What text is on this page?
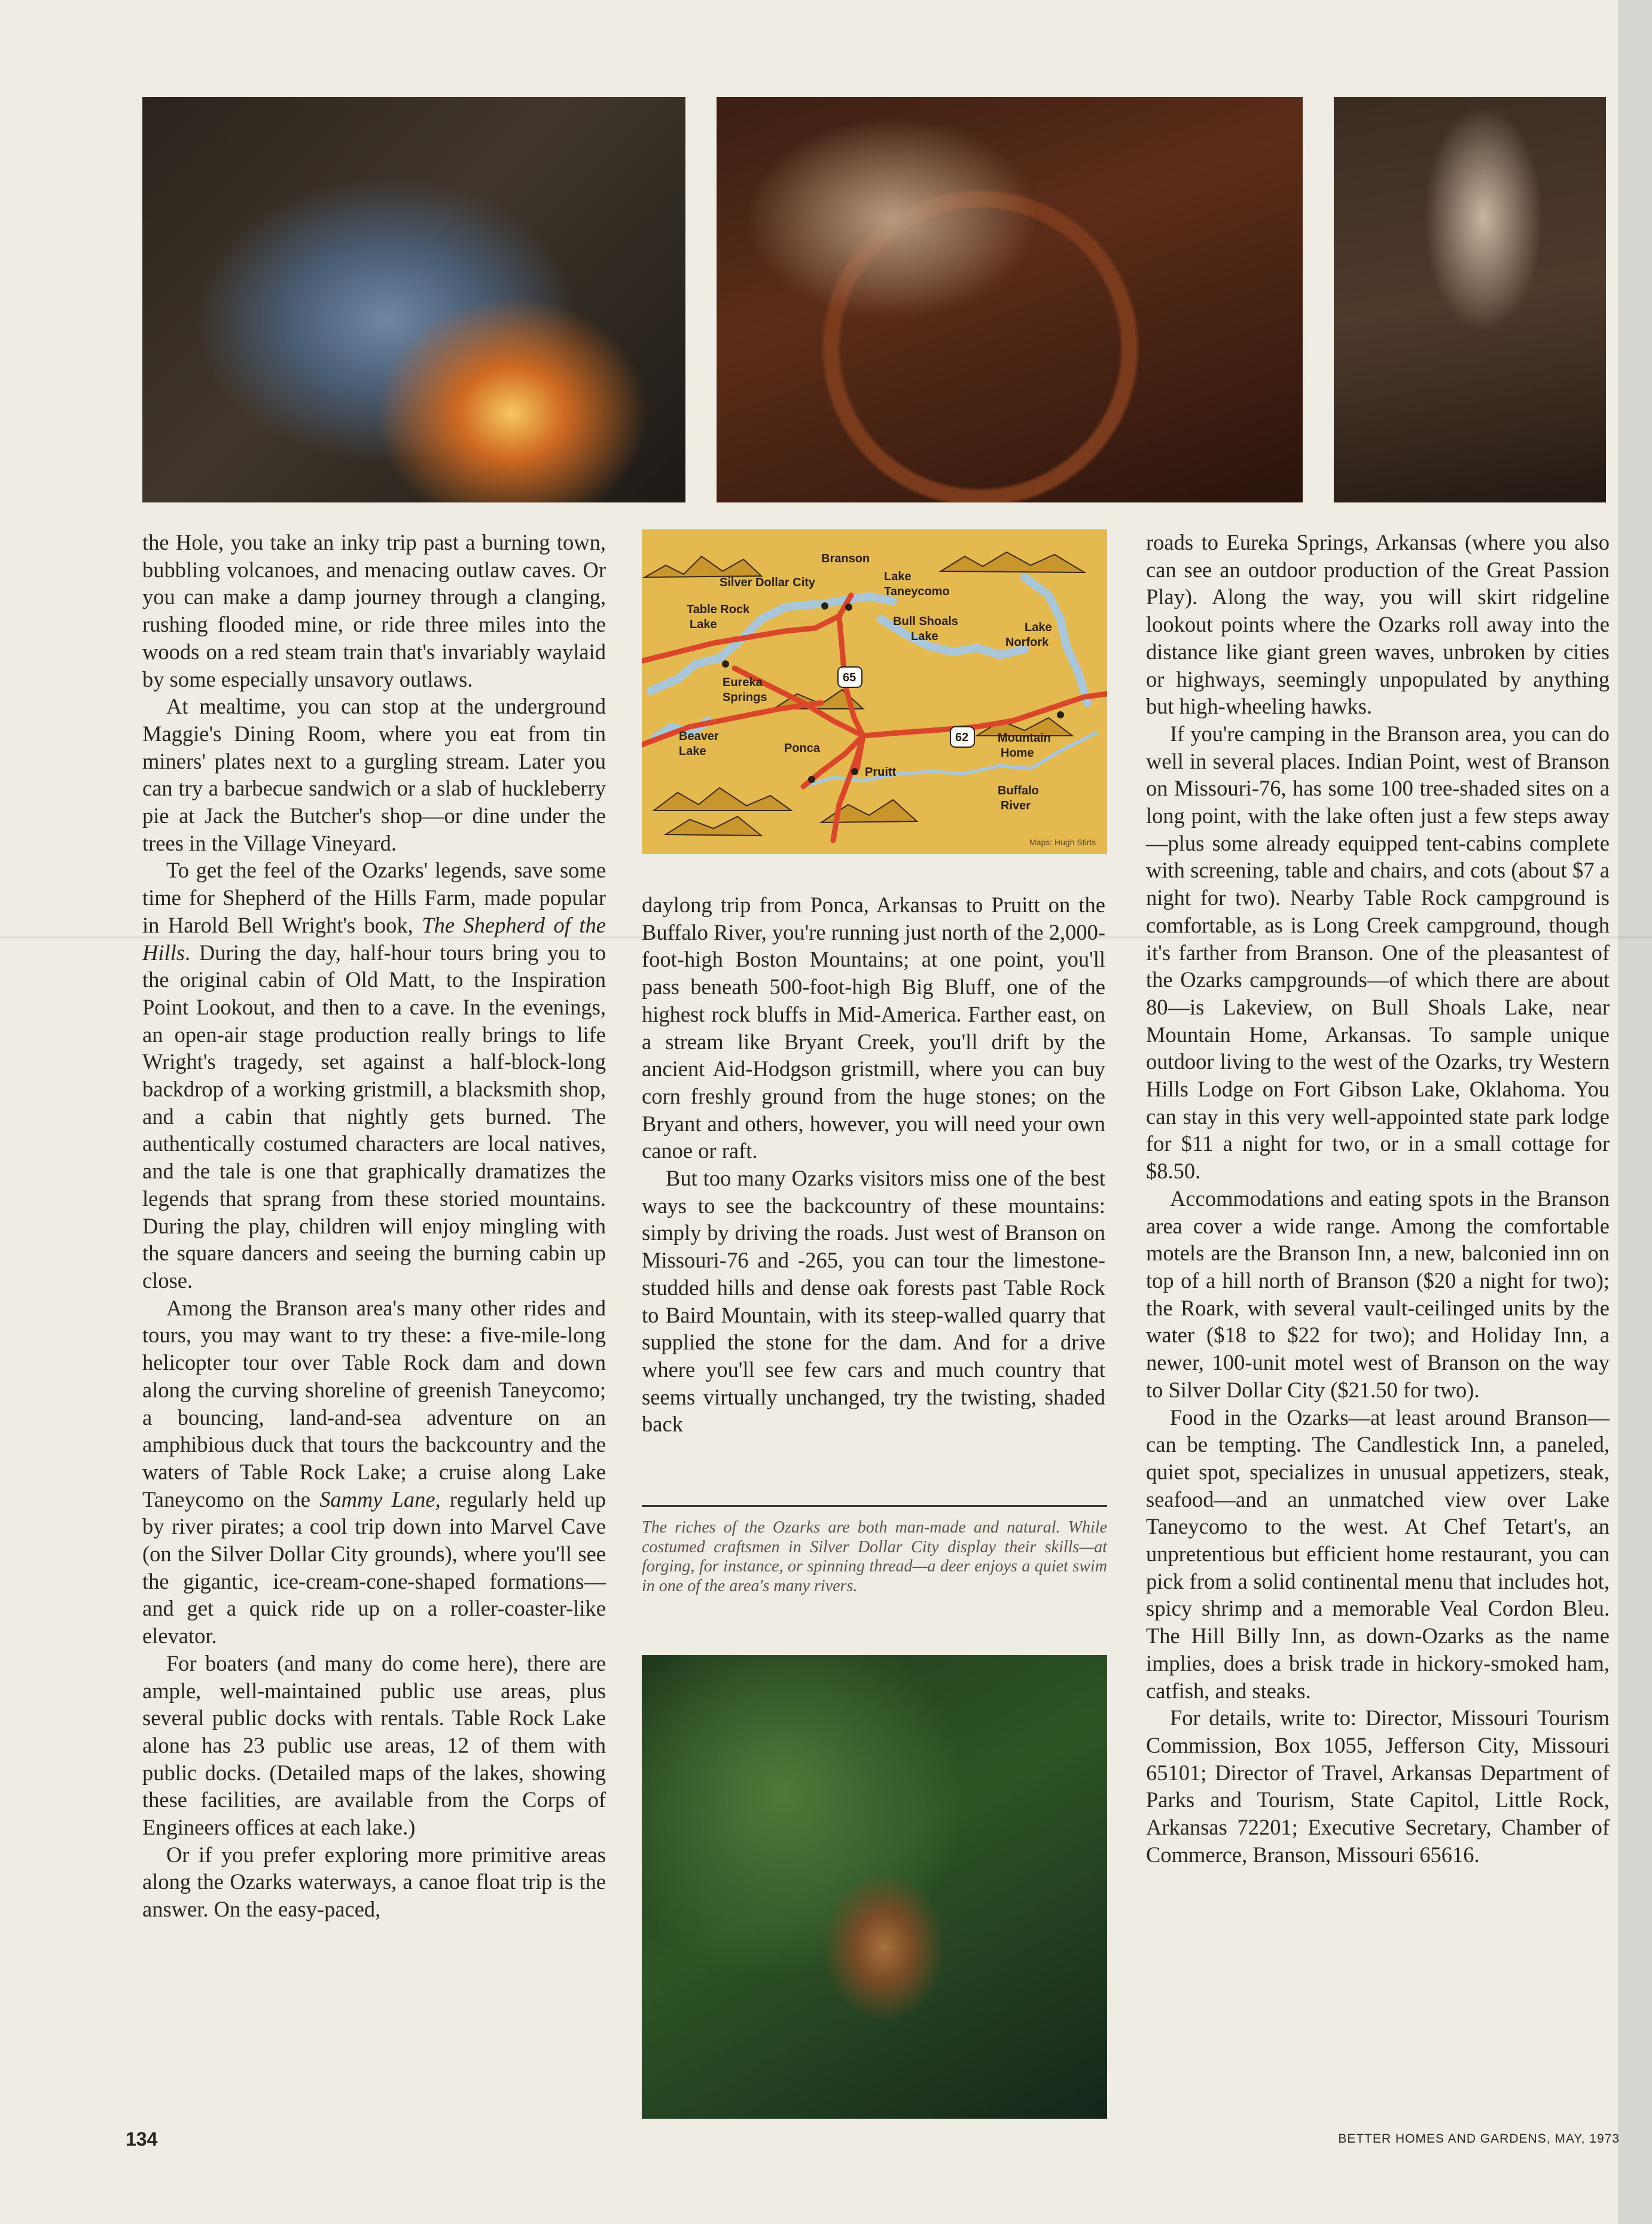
the Hole, you take an inky trip past a burning town, bubbling volcanoes, and menacing outlaw caves. Or you can make a damp journey through a clanging, rushing flooded mine, or ride three miles into the woods on a red steam train that's invariably waylaid by some especially unsavory outlaws.

At mealtime, you can stop at the underground Maggie's Dining Room, where you eat from tin miners' plates next to a gurgling stream. Later you can try a barbecue sandwich or a slab of huckleberry pie at Jack the Butcher's shop—or dine under the trees in the Village Vineyard.

To get the feel of the Ozarks' legends, save some time for Shepherd of the Hills Farm, made popular in Harold Bell Wright's book, The Shepherd of the Hills. During the day, half-hour tours bring you to the original cabin of Old Matt, to the Inspiration Point Lookout, and then to a cave. In the evenings, an open-air stage production really brings to life Wright's tragedy, set against a half-block-long backdrop of a working gristmill, a blacksmith shop, and a cabin that nightly gets burned. The authentically costumed characters are local natives, and the tale is one that graphically dramatizes the legends that sprang from these storied mountains. During the play, children will enjoy mingling with the square dancers and seeing the burning cabin up close.

Among the Branson area's many other rides and tours, you may want to try these: a five-mile-long helicopter tour over Table Rock dam and down along the curving shoreline of greenish Taneycomo; a bouncing, land-and-sea adventure on an amphibious duck that tours the backcountry and the waters of Table Rock Lake; a cruise along Lake Taneycomo on the Sammy Lane, regularly held up by river pirates; a cool trip down into Marvel Cave (on the Silver Dollar City grounds), where you'll see the gigantic, ice-cream-cone-shaped formations—and get a quick ride up on a roller-coaster-like elevator.

For boaters (and many do come here), there are ample, well-maintained public use areas, plus several public docks with rentals. Table Rock Lake alone has 23 public use areas, 12 of them with public docks. (Detailed maps of the lakes, showing these facilities, are available from the Corps of Engineers offices at each lake.)

Or if you prefer exploring more primitive areas along the Ozarks waterways, a canoe float trip is the answer. On the easy-paced,

Branson
Silver Dollar City	Lake
Taneycomo
Table Rock
Lake	Bull Shoals
Lake
Lake
Norfork
Eureka
Springs
65
62
Beaver
Lake	Ponca
Pruitt
Mountain
Home
Buffalo
River
Maps: Hugh Stirts

daylong trip from Ponca, Arkansas to Pruitt on the Buffalo River, you're running just north of the 2,000-foot-high Boston Mountains; at one point, you'll pass beneath 500-foot-high Big Bluff, one of the highest rock bluffs in Mid-America. Farther east, on a stream like Bryant Creek, you'll drift by the ancient Aid-Hodgson gristmill, where you can buy corn freshly ground from the huge stones; on the Bryant and others, however, you will need your own canoe or raft.

But too many Ozarks visitors miss one of the best ways to see the backcountry of these mountains: simply by driving the roads. Just west of Branson on Missouri-76 and -265, you can tour the limestone-studded hills and dense oak forests past Table Rock to Baird Mountain, with its steep-walled quarry that supplied the stone for the dam. And for a drive where you'll see few cars and much country that seems virtually unchanged, try the twisting, shaded back

The riches of the Ozarks are both man-made and natural. While costumed craftsmen in Silver Dollar City display their skills—at forging, for instance, or spinning thread—a deer enjoys a quiet swim in one of the area's many rivers.

roads to Eureka Springs, Arkansas (where you also can see an outdoor production of the Great Passion Play). Along the way, you will skirt ridgeline lookout points where the Ozarks roll away into the distance like giant green waves, unbroken by cities or highways, seemingly unpopulated by anything but high-wheeling hawks.

If you're camping in the Branson area, you can do well in several places. Indian Point, west of Branson on Missouri-76, has some 100 tree-shaded sites on a long point, with the lake often just a few steps away—plus some already equipped tent-cabins complete with screening, table and chairs, and cots (about $7 a night for two). Nearby Table Rock campground is comfortable, as is Long Creek campground, though it's farther from Branson. One of the pleasantest of the Ozarks campgrounds—of which there are about 80—is Lakeview, on Bull Shoals Lake, near Mountain Home, Arkansas. To sample unique outdoor living to the west of the Ozarks, try Western Hills Lodge on Fort Gibson Lake, Oklahoma. You can stay in this very well-appointed state park lodge for $11 a night for two, or in a small cottage for $8.50.

Accommodations and eating spots in the Branson area cover a wide range. Among the comfortable motels are the Branson Inn, a new, balconied inn on top of a hill north of Branson ($20 a night for two); the Roark, with several vault-ceilinged units by the water ($18 to $22 for two); and Holiday Inn, a newer, 100-unit motel west of Branson on the way to Silver Dollar City ($21.50 for two).

Food in the Ozarks—at least around Branson—can be tempting. The Candlestick Inn, a paneled, quiet spot, specializes in unusual appetizers, steak, seafood—and an unmatched view over Lake Taneycomo to the west. At Chef Tetart's, an unpretentious but efficient home restaurant, you can pick from a solid continental menu that includes hot, spicy shrimp and a memorable Veal Cordon Bleu. The Hill Billy Inn, as down-Ozarks as the name implies, does a brisk trade in hickory-smoked ham, catfish, and steaks.

For details, write to: Director, Missouri Tourism Commission, Box 1055, Jefferson City, Missouri 65101; Director of Travel, Arkansas Department of Parks and Tourism, State Capitol, Little Rock, Arkansas 72201; Executive Secretary, Chamber of Commerce, Branson, Missouri 65616.

134	BETTER HOMES AND GARDENS, MAY, 1973
